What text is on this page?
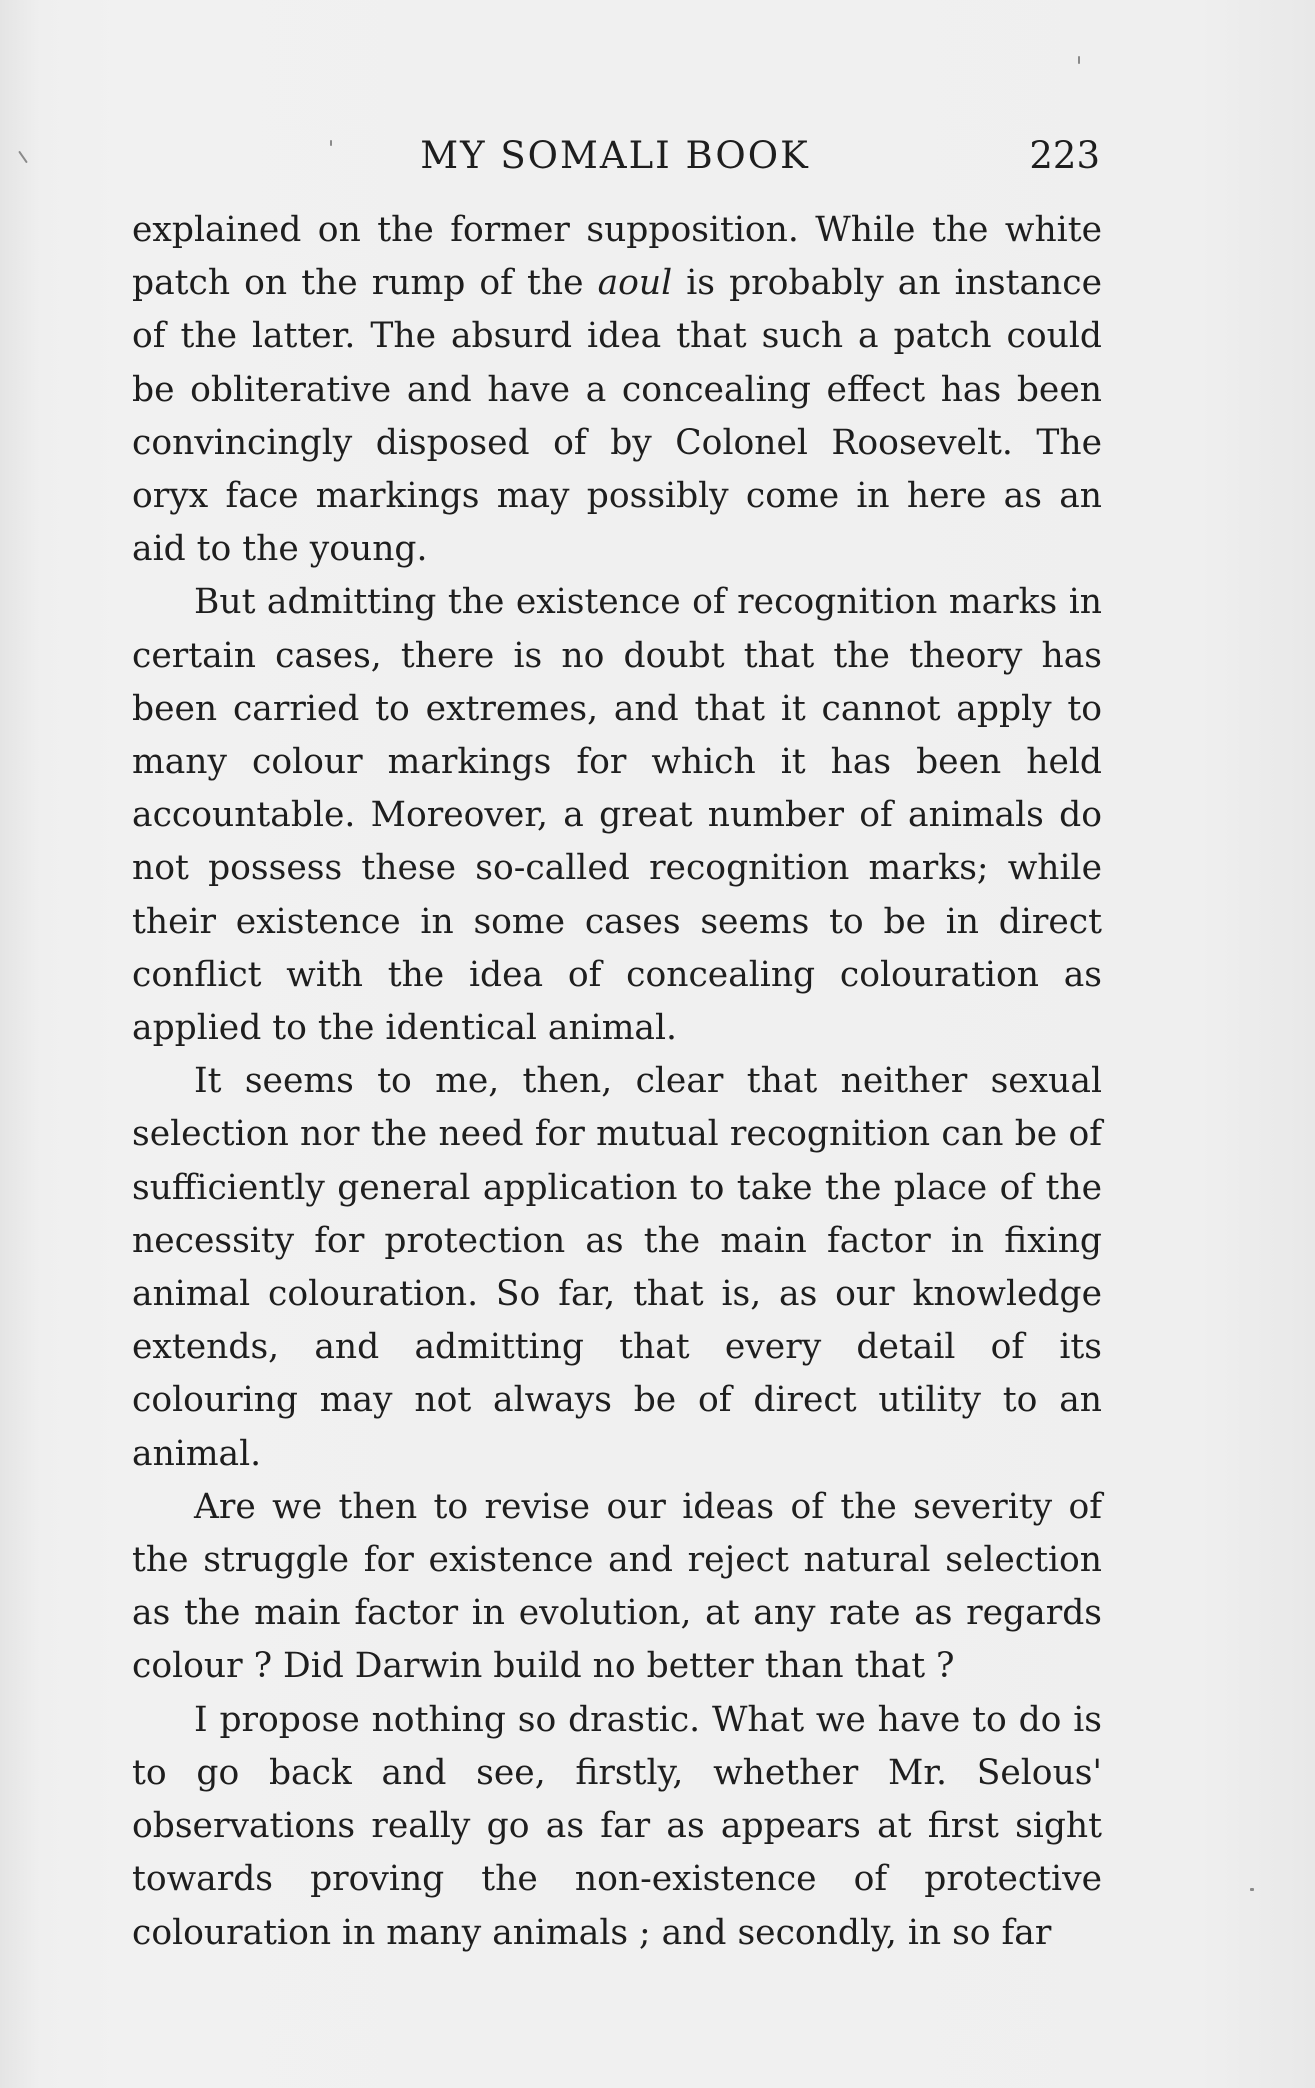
MY SOMALI BOOK	223

explained on the former supposition. While the white patch on the rump of the aoul is probably an instance of the latter. The absurd idea that such a patch could be obliterative and have a concealing effect has been convincingly disposed of by Colonel Roosevelt. The oryx face markings may possibly come in here as an aid to the young.

But admitting the existence of recognition marks in certain cases, there is no doubt that the theory has been carried to extremes, and that it cannot apply to many colour markings for which it has been held accountable. Moreover, a great number of animals do not possess these so-called recognition marks; while their existence in some cases seems to be in direct conflict with the idea of concealing colouration as applied to the identical animal.

It seems to me, then, clear that neither sexual selection nor the need for mutual recognition can be of sufficiently general application to take the place of the necessity for protection as the main factor in fixing animal colouration. So far, that is, as our knowledge extends, and admitting that every detail of its colouring may not always be of direct utility to an animal.

Are we then to revise our ideas of the severity of the struggle for existence and reject natural selection as the main factor in evolution, at any rate as regards colour ? Did Darwin build no better than that ?

I propose nothing so drastic. What we have to do is to go back and see, firstly, whether Mr. Selous' observations really go as far as appears at first sight towards proving the non-existence of protective colouration in many animals ; and secondly, in so far
